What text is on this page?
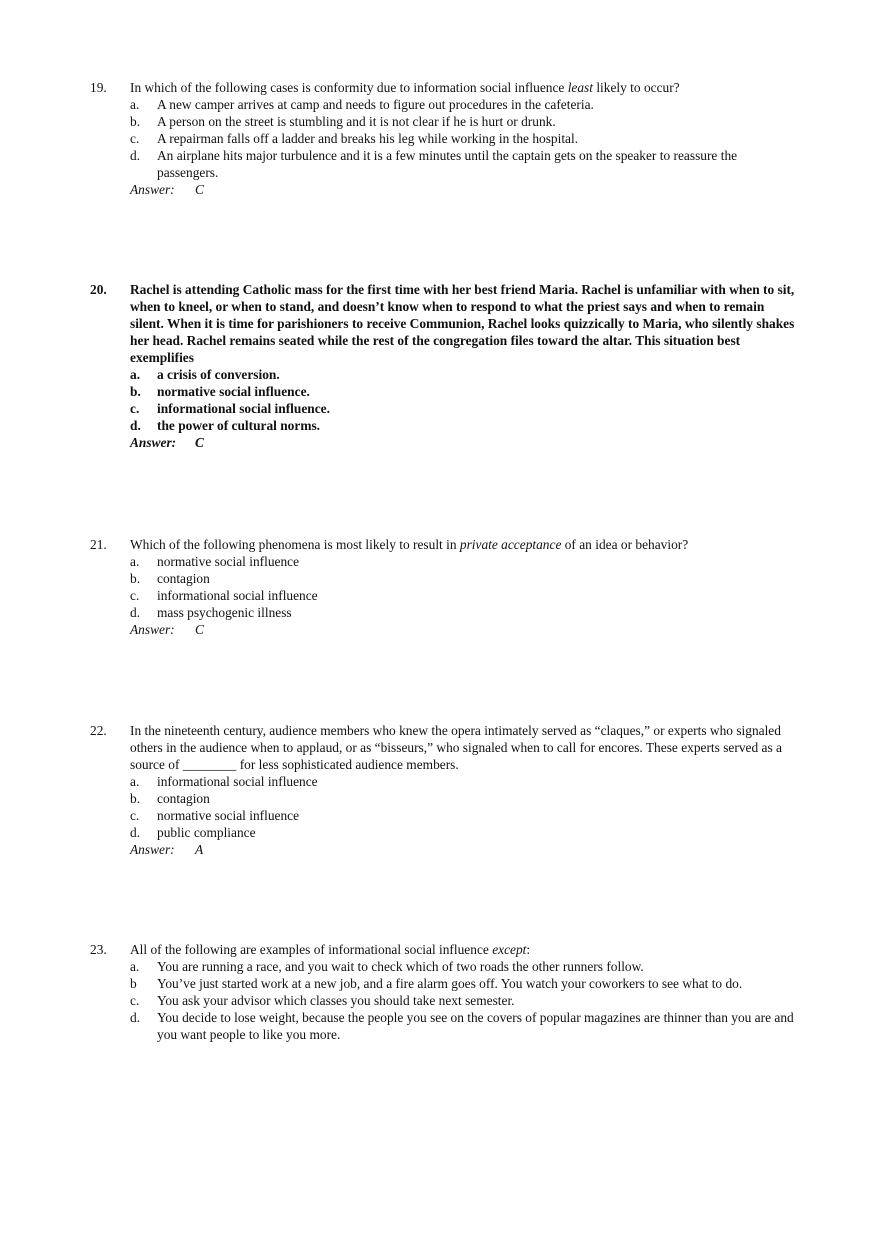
19.	In which of the following cases is conformity due to information social influence least likely to occur?
a.	A new camper arrives at camp and needs to figure out procedures in the cafeteria.
b.	A person on the street is stumbling and it is not clear if he is hurt or drunk.
c.	A repairman falls off a ladder and breaks his leg while working in the hospital.
d.	An airplane hits major turbulence and it is a few minutes until the captain gets on the speaker to reassure the passengers.
Answer: C
20.	Rachel is attending Catholic mass for the first time with her best friend Maria. Rachel is unfamiliar with when to sit, when to kneel, or when to stand, and doesn’t know when to respond to what the priest says and when to remain silent. When it is time for parishioners to receive Communion, Rachel looks quizzically to Maria, who silently shakes her head. Rachel remains seated while the rest of the congregation files toward the altar. This situation best exemplifies
a.	a crisis of conversion.
b.	normative social influence.
c.	informational social influence.
d.	the power of cultural norms.
Answer: C
21.	Which of the following phenomena is most likely to result in private acceptance of an idea or behavior?
a.	normative social influence
b.	contagion
c.	informational social influence
d.	mass psychogenic illness
Answer: C
22.	In the nineteenth century, audience members who knew the opera intimately served as “claques,” or experts who signaled others in the audience when to applaud, or as “bisseurs,” who signaled when to call for encores. These experts served as a source of ________ for less sophisticated audience members.
a.	informational social influence
b.	contagion
c.	normative social influence
d.	public compliance
Answer: A
23.	All of the following are examples of informational social influence except:
a.	You are running a race, and you wait to check which of two roads the other runners follow.
b	You’ve just started work at a new job, and a fire alarm goes off. You watch your coworkers to see what to do.
c.	You ask your advisor which classes you should take next semester.
d.	You decide to lose weight, because the people you see on the covers of popular magazines are thinner than you are and you want people to like you more.
